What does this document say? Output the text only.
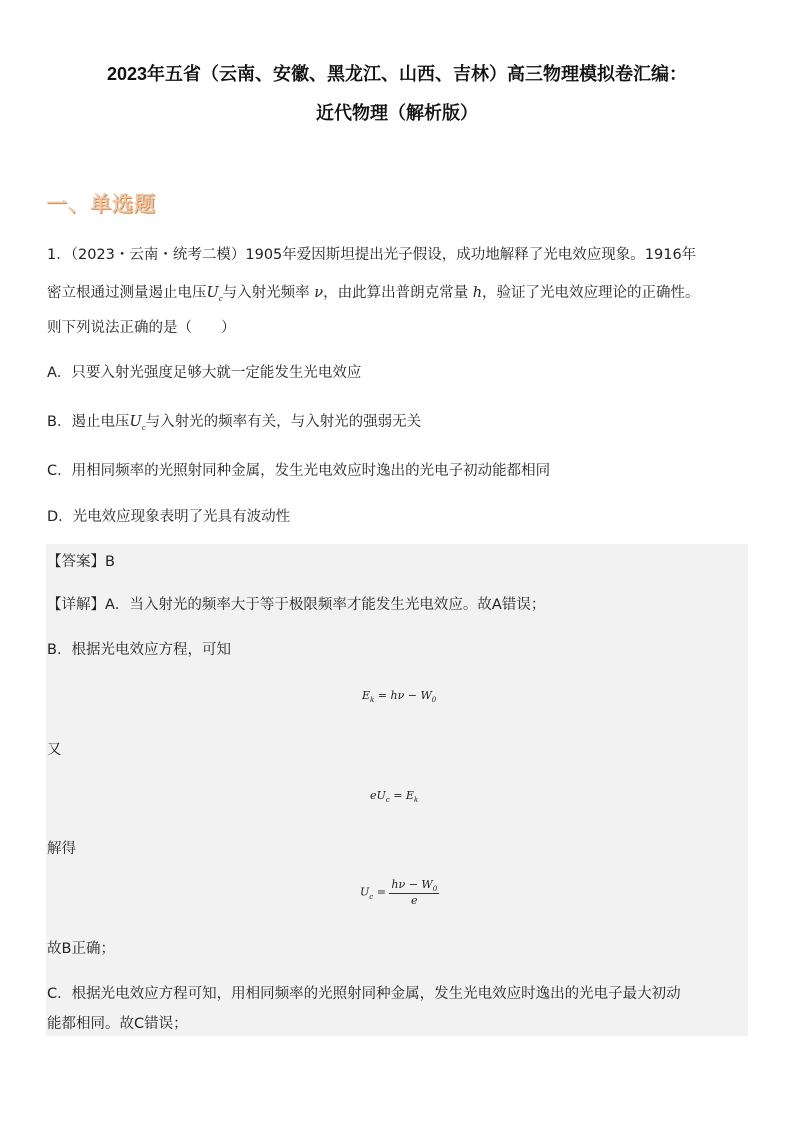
2023年五省（云南、安徽、黑龙江、山西、吉林）高三物理模拟卷汇编：
近代物理（解析版）
一、单选题
1．（2023・云南・统考二模）1905年爱因斯坦提出光子假设，成功地解释了光电效应现象。1916年
密立根通过测量遏止电压$U_c$与入射光频率 ν，由此算出普朗克常量 h，验证了光电效应理论的正确性。
则下列说法正确的是（　　）
A．只要入射光强度足够大就一定能发生光电效应
B．遏止电压$U_c$与入射光的频率有关，与入射光的强弱无关
C．用相同频率的光照射同种金属，发生光电效应时逸出的光电子初动能都相同
D．光电效应现象表明了光具有波动性
【答案】B
【详解】A．当入射光的频率大于等于极限频率才能发生光电效应。故A错误；
B．根据光电效应方程，可知
$E_k = h\nu - W_0$
又
$eU_c = E_k$
解得
$U_c = \frac{h\nu - W_0}{e}$
故B正确；
C．根据光电效应方程可知，用相同频率的光照射同种金属，发生光电效应时逸出的光电子最大初动
能都相同。故C错误；
